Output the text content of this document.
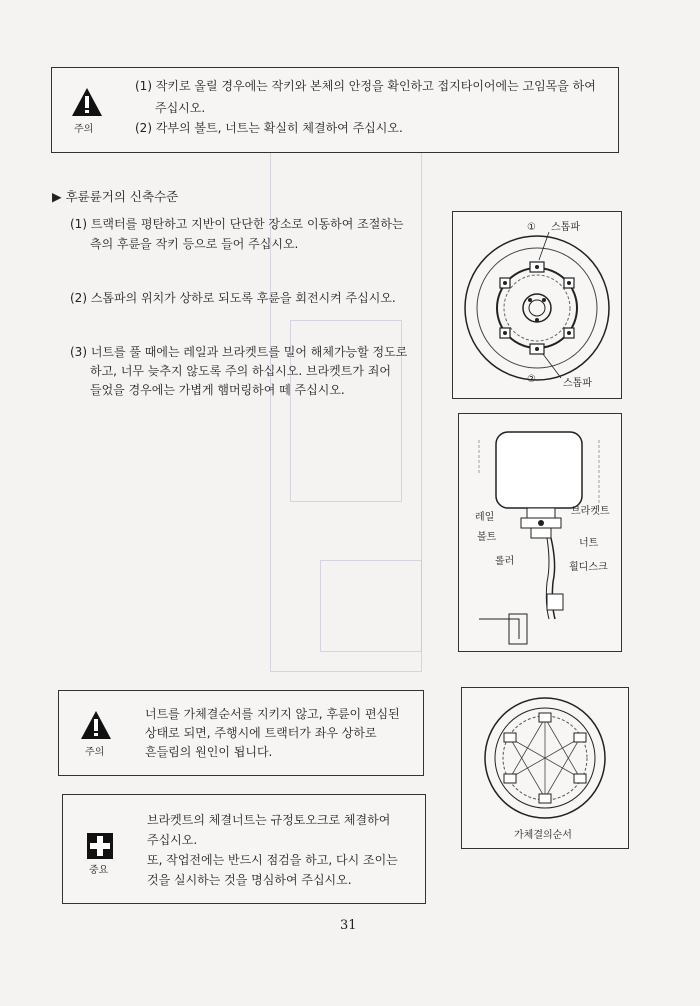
주의
(1) 작키로 올릴 경우에는 작키와 본체의 안정을 확인하고 접지타이어에는 고임목을 하여
주십시오.
(2) 각부의 볼트, 너트는 확실히 체결하여 주십시오.
▶ 후륜륜거의 신축수준
(1) 트랙터를 평탄하고 지반이 단단한 장소로 이동하여 조절하는
측의 후륜을 작키 등으로 들어 주십시오.
(2) 스톱파의 위치가 상하로 되도록 후륜을 회전시켜 주십시오.
(3) 너트를 풀 때에는 레일과 브라켓트를 밀어 해체가능할 정도로
하고, 너무 늦추지 않도록 주의 하십시오. 브라켓트가 죄어
들었을 경우에는 가볍게 햄머링하여 떼 주십시오.
① 스톱파
②	스톱파
레일
브라켓트
볼트
너트
롤러
휠디스크
주의
너트를 가체결순서를 지키지 않고, 후륜이 편심된
상태로 되면, 주행시에 트랙터가 좌우 상하로
흔들림의 원인이 됩니다.
가체결의순서
중요
브라켓트의 체결너트는 규정토오크로 체결하여
주십시오.
또, 작업전에는 반드시 점검을 하고, 다시 조이는
것을 실시하는 것을 명심하여 주십시오.
31
